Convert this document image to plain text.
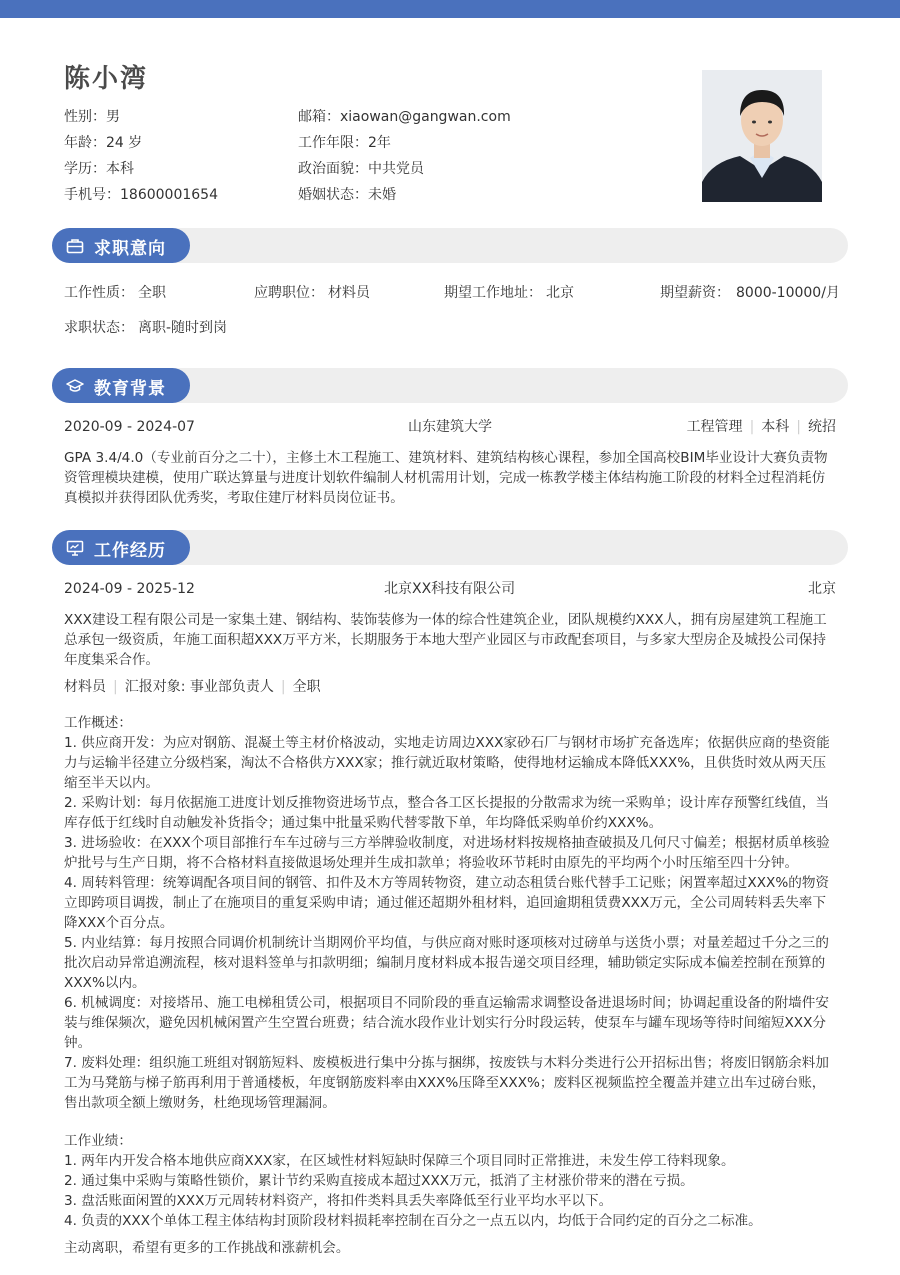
陈小湾
性别：男
年龄：24 岁
学历：本科
手机号：18600001654
邮箱：xiaowan@gangwan.com
工作年限：2年
政治面貌：中共党员
婚姻状态：未婚
求职意向
工作性质： 全职	应聘职位： 材料员	期望工作地址： 北京	期望薪资： 8000-10000/月
求职状态： 离职-随时到岗
教育背景
2020-09 - 2024-07	山东建筑大学	工程管理 | 本科 | 统招
GPA 3.4/4.0（专业前百分之二十），主修土木工程施工、建筑材料、建筑结构核心课程，参加全国高校BIM毕业设计大赛负责物资管理模块建模，使用广联达算量与进度计划软件编制人材机需用计划，完成一栋教学楼主体结构施工阶段的材料全过程消耗仿真模拟并获得团队优秀奖，考取住建厅材料员岗位证书。
工作经历
2024-09 - 2025-12	北京XX科技有限公司	北京
XXX建设工程有限公司是一家集土建、钢结构、装饰装修为一体的综合性建筑企业，团队规模约XXX人，拥有房屋建筑工程施工总承包一级资质，年施工面积超XXX万平方米，长期服务于本地大型产业园区与市政配套项目，与多家大型房企及城投公司保持年度集采合作。
材料员 | 汇报对象: 事业部负责人 | 全职
工作概述：
1. 供应商开发：为应对钢筋、混凝土等主材价格波动，实地走访周边XXX家砂石厂与钢材市场扩充备选库；依据供应商的垫资能力与运输半径建立分级档案，淘汰不合格供方XXX家；推行就近取材策略，使得地材运输成本降低XXX%，且供货时效从两天压缩至半天以内。
2. 采购计划：每月依据施工进度计划反推物资进场节点，整合各工区长提报的分散需求为统一采购单；设计库存预警红线值，当库存低于红线时自动触发补货指令；通过集中批量采购代替零散下单，年均降低采购单价约XXX%。
3. 进场验收：在XXX个项目部推行车车过磅与三方举牌验收制度，对进场材料按规格抽查破损及几何尺寸偏差；根据材质单核验炉批号与生产日期，将不合格材料直接做退场处理并生成扣款单；将验收环节耗时由原先的平均两个小时压缩至四十分钟。
4. 周转料管理：统筹调配各项目间的钢管、扣件及木方等周转物资，建立动态租赁台账代替手工记账；闲置率超过XXX%的物资立即跨项目调拨，制止了在施项目的重复采购申请；通过催还超期外租材料，追回逾期租赁费XXX万元，全公司周转料丢失率下降XXX个百分点。
5. 内业结算：每月按照合同调价机制统计当期网价平均值，与供应商对账时逐项核对过磅单与送货小票；对量差超过千分之三的批次启动异常追溯流程，核对退料签单与扣款明细；编制月度材料成本报告递交项目经理，辅助锁定实际成本偏差控制在预算的XXX%以内。
6. 机械调度：对接塔吊、施工电梯租赁公司，根据项目不同阶段的垂直运输需求调整设备进退场时间；协调起重设备的附墙件安装与维保频次，避免因机械闲置产生空置台班费；结合流水段作业计划实行分时段运转，使泵车与罐车现场等待时间缩短XXX分钟。
7. 废料处理：组织施工班组对钢筋短料、废模板进行集中分拣与捆绑，按废铁与木料分类进行公开招标出售；将废旧钢筋余料加工为马凳筋与梯子筋再利用于普通楼板，年度钢筋废料率由XXX%压降至XXX%；废料区视频监控全覆盖并建立出车过磅台账，售出款项全额上缴财务，杜绝现场管理漏洞。
工作业绩：
1. 两年内开发合格本地供应商XXX家，在区域性材料短缺时保障三个项目同时正常推进，未发生停工待料现象。
2. 通过集中采购与策略性锁价，累计节约采购直接成本超过XXX万元，抵消了主材涨价带来的潜在亏损。
3. 盘活账面闲置的XXX万元周转材料资产，将扣件类料具丢失率降低至行业平均水平以下。
4. 负责的XXX个单体工程主体结构封顶阶段材料损耗率控制在百分之一点五以内，均低于合同约定的百分之二标准。
主动离职，希望有更多的工作挑战和涨薪机会。
